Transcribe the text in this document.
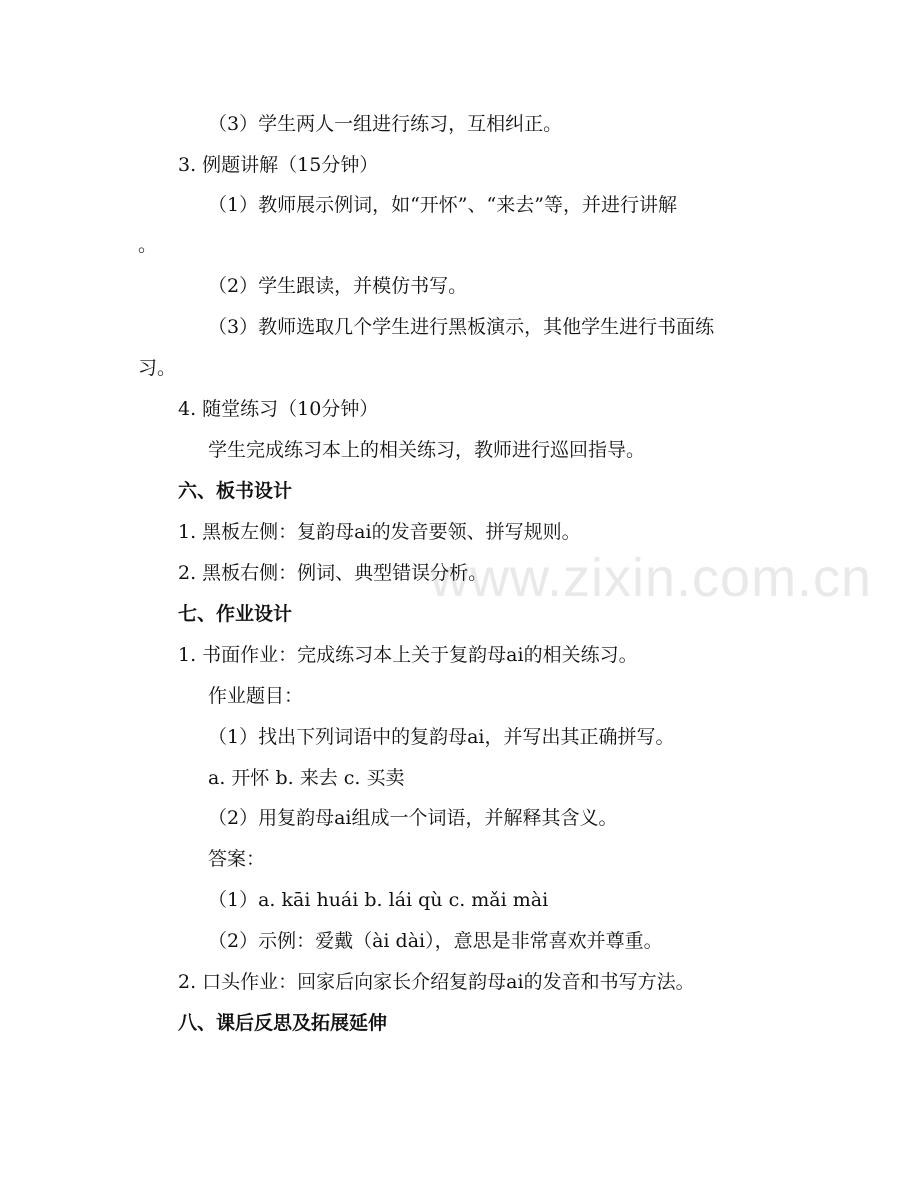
www.zixin.com.cn
（3）学生两人一组进行练习，互相纠正。
3. 例题讲解（15分钟）
（1）教师展示例词，如“开怀”、“来去”等，并进行讲解
。
（2）学生跟读，并模仿书写。
（3）教师选取几个学生进行黑板演示，其他学生进行书面练
习。
4. 随堂练习（10分钟）
学生完成练习本上的相关练习，教师进行巡回指导。
六、板书设计
1. 黑板左侧：复韵母ai的发音要领、拼写规则。
2. 黑板右侧：例词、典型错误分析。
七、作业设计
1. 书面作业：完成练习本上关于复韵母ai的相关练习。
作业题目：
（1）找出下列词语中的复韵母ai，并写出其正确拼写。
a. 开怀 b. 来去 c. 买卖
（2）用复韵母ai组成一个词语，并解释其含义。
答案：
（1）a. kāi huái b. lái qù c. mǎi mài
（2）示例：爱戴（ài dài），意思是非常喜欢并尊重。
2. 口头作业：回家后向家长介绍复韵母ai的发音和书写方法。
八、课后反思及拓展延伸
